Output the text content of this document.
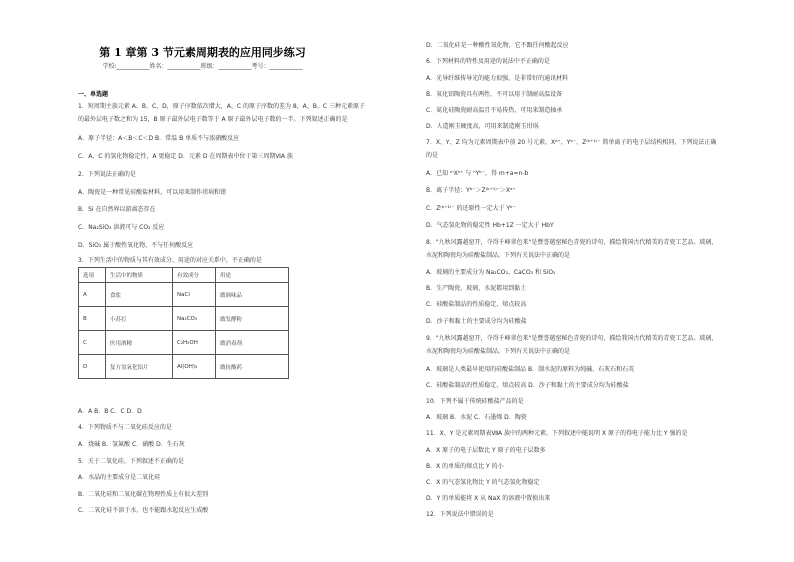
第 1 章第 3 节元素周期表的应用同步练习
学校:___________姓名：___________班级：___________考号：___________
一、单选题
1．短周期主族元素 A、B、C、D，原子序数依次增大，A、C 的原子序数的差为 8，A、B、C 三种元素原子
的最外层电子数之和为 15，B 原子最外层电子数等于 A 原子最外层电子数的一半。下列叙述正确的是
A．原子半径：A＜B＜C＜D B．常温 B 单质不与浓硝酸反应
C．A、C 的氢化物稳定性，A 更稳定 D．元素 D 在周期表中位于第三周期ⅥA 族
2．下列说法正确的是
A．陶瓷是一种常见硅酸盐材料，可以用来制作坩埚和钳
B．Si 在自然界以游离态存在
C．Na₂SiO₃ 溶液可与 CO₂ 反应
D．SiO₂ 属于酸性氧化物，不与任何酸反应
3．下列生活中的物质与其有效成分、用途的对应关系中，不正确的是
选项	生活中的物质	有效成分	用途
A	食盐	NaCl	做调味品
B	小苏打	Na₂CO₃	做发酵粉
C	医用酒精	C₂H₅OH	做消毒剂
D	复方氢氧化铝片	Al(OH)₃	做抗酸药
A．A B．B C．C D．D
4．下列物质不与二氧化硅反应的是
A．烧碱 B．氢氟酸 C．硝酸 D．生石灰
5．关于二氧化硅，下列叙述不正确的是
A．水晶的主要成分是二氧化硅
B．二氧化硅和二氧化碳在物理性质上有很大差别
C．二氧化硅不溶于水，也不能跟水起反应生成酸
D．二氧化硅是一种酸性氧化物，它不跟任何酸起反应
6．下列材料的特性及用途的说法中不正确的是
A．光导纤维传导光的能力很强，是非常好的通讯材料
B．氧化铝陶瓷具有两性，不可以用于制耐高温设备
C．氮化硅陶瓷耐高温且不易传热，可用来制造轴承
D．人造刚玉硬度高，可用来制造刚玉坩埚
7．X、Y、Z 均为元素周期表中前 20 号元素，Xᵃ⁺、Yᵇ⁻、Z⁽ᵇ⁺¹⁾⁻ 简单离子的电子层结构相同，下列说法正确
的是
A．已知 ᵐXᵃ⁺ 与 ⁿYᵇ⁻，得 m+a=n-b
B．离子半径：Yᵇ⁻＞Z⁽ᵇ⁺¹⁾⁻＞Xᵃ⁺
C．Z⁽ᵇ⁺¹⁾⁻ 的还原性一定大于 Yᵇ⁻
D．气态氢化物的稳定性 Hb+1Z 一定大于 HbY
8．"九秋风露越窑开，夺得千峰翠色来"是赞誉越窑秘色青瓷的诗句，描绘我国古代精美的青瓷工艺品。玻璃、
水泥和陶瓷均为硅酸盐制品。下列有关说法中正确的是
A．玻璃的主要成分为 Na₂CO₃、CaCO₃ 和 SiO₂
B．生产陶瓷、玻璃、水泥都用到黏土
C．硅酸盐制品的性质稳定、熔点较高
D．沙子和黏土的主要成分均为硅酸盐
9．"九秋风露越窑开，夺得千峰翠色来"是赞誉越窑秘色青瓷的诗句，描绘我国古代精美的青瓷工艺品。玻璃、
水泥和陶瓷均为硅酸盐制品。下列有关说法中正确的是
A．玻璃是人类最早使用的硅酸盐制品 B．制水泥的原料为纯碱、石灰石和石英
C．硅酸盐制品的性质稳定、熔点较高 D．沙子和黏土的主要成分均为硅酸盐
10．下列不属于传统硅酸盐产品的是
A．玻璃 B．水泥 C．石墨烯 D．陶瓷
11．X、Y 是元素周期表ⅦA 族中的两种元素，下列叙述中能说明 X 原子的得电子能力比 Y 强的是
A．X 原子的电子层数比 Y 原子的电子层数多
B．X 的单质的熔点比 Y 的小
C．X 的气态氢化物比 Y 的气态氢化物稳定
D．Y 的单质能将 X 从 NaX 的溶液中置换出来
12．下列说法中错误的是
